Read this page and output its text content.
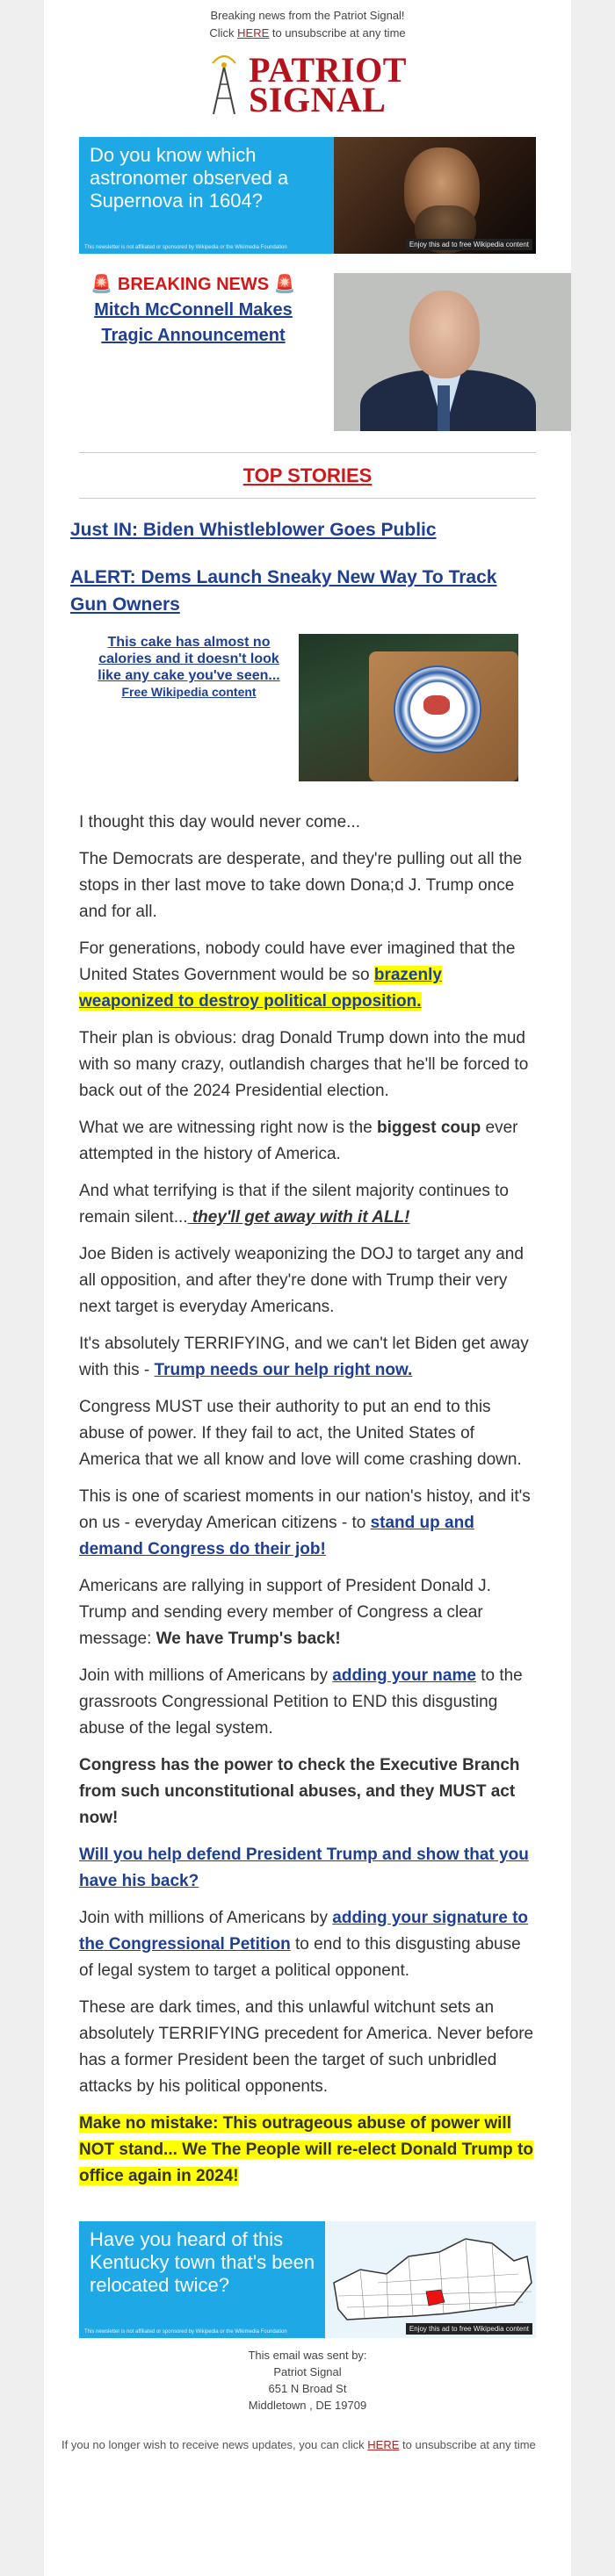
Breaking news from the Patriot Signal!
Click HERE to unsubscribe at any time
PATRIOT
SIGNAL
Do you know which astronomer observed a Supernova in 1604?
This newsletter is not affiliated or sponsored by Wikipedia or the Wikimedia Foundation	Enjoy this ad to free Wikipedia content
🚨 BREAKING NEWS 🚨
Mitch McConnell Makes Tragic Announcement
TOP STORIES
Just IN: Biden Whistleblower Goes Public
ALERT: Dems Launch Sneaky New Way To Track Gun Owners
This cake has almost no calories and it doesn't look like any cake you've seen...
Free Wikipedia content

I thought this day would never come...

The Democrats are desperate, and they're pulling out all the stops in ther last move to take down Dona;d J. Trump once and for all.

For generations, nobody could have ever imagined that the United States Government would be so brazenly weaponized to destroy political opposition.

Their plan is obvious: drag Donald Trump down into the mud with so many crazy, outlandish charges that he'll be forced to back out of the 2024 Presidential election.

What we are witnessing right now is the biggest coup ever attempted in the history of America.

And what terrifying is that if the silent majority continues to remain silent... they'll get away with it ALL!

Joe Biden is actively weaponizing the DOJ to target any and all opposition, and after they're done with Trump their very next target is everyday Americans.

It's absolutely TERRIFYING, and we can't let Biden get away with this - Trump needs our help right now.

Congress MUST use their authority to put an end to this abuse of power. If they fail to act, the United States of America that we all know and love will come crashing down.

This is one of scariest moments in our nation's histoy, and it's on us - everyday American citizens - to stand up and demand Congress do their job!

Americans are rallying in support of President Donald J. Trump and sending every member of Congress a clear message: We have Trump's back!

Join with millions of Americans by adding your name to the grassroots Congressional Petition to END this disgusting abuse of the legal system.

Congress has the power to check the Executive Branch from such unconstitutional abuses, and they MUST act now!

Will you help defend President Trump and show that you have his back?

Join with millions of Americans by adding your signature to the Congressional Petition to end to this disgusting abuse of legal system to target a political opponent.

These are dark times, and this unlawful witchunt sets an absolutely TERRIFYING precedent for America. Never before has a former President been the target of such unbridled attacks by his political opponents.

Make no mistake: This outrageous abuse of power will NOT stand... We The People will re-elect Donald Trump to office again in 2024!

Have you heard of this Kentucky town that's been relocated twice?
This newsletter is not affiliated or sponsored by Wikipedia or the Wikimedia Foundation	Enjoy this ad to free Wikipedia content
This email was sent by:
Patriot Signal
651 N Broad St
Middletown , DE 19709
If you no longer wish to receive news updates, you can click HERE to unsubscribe at any time
